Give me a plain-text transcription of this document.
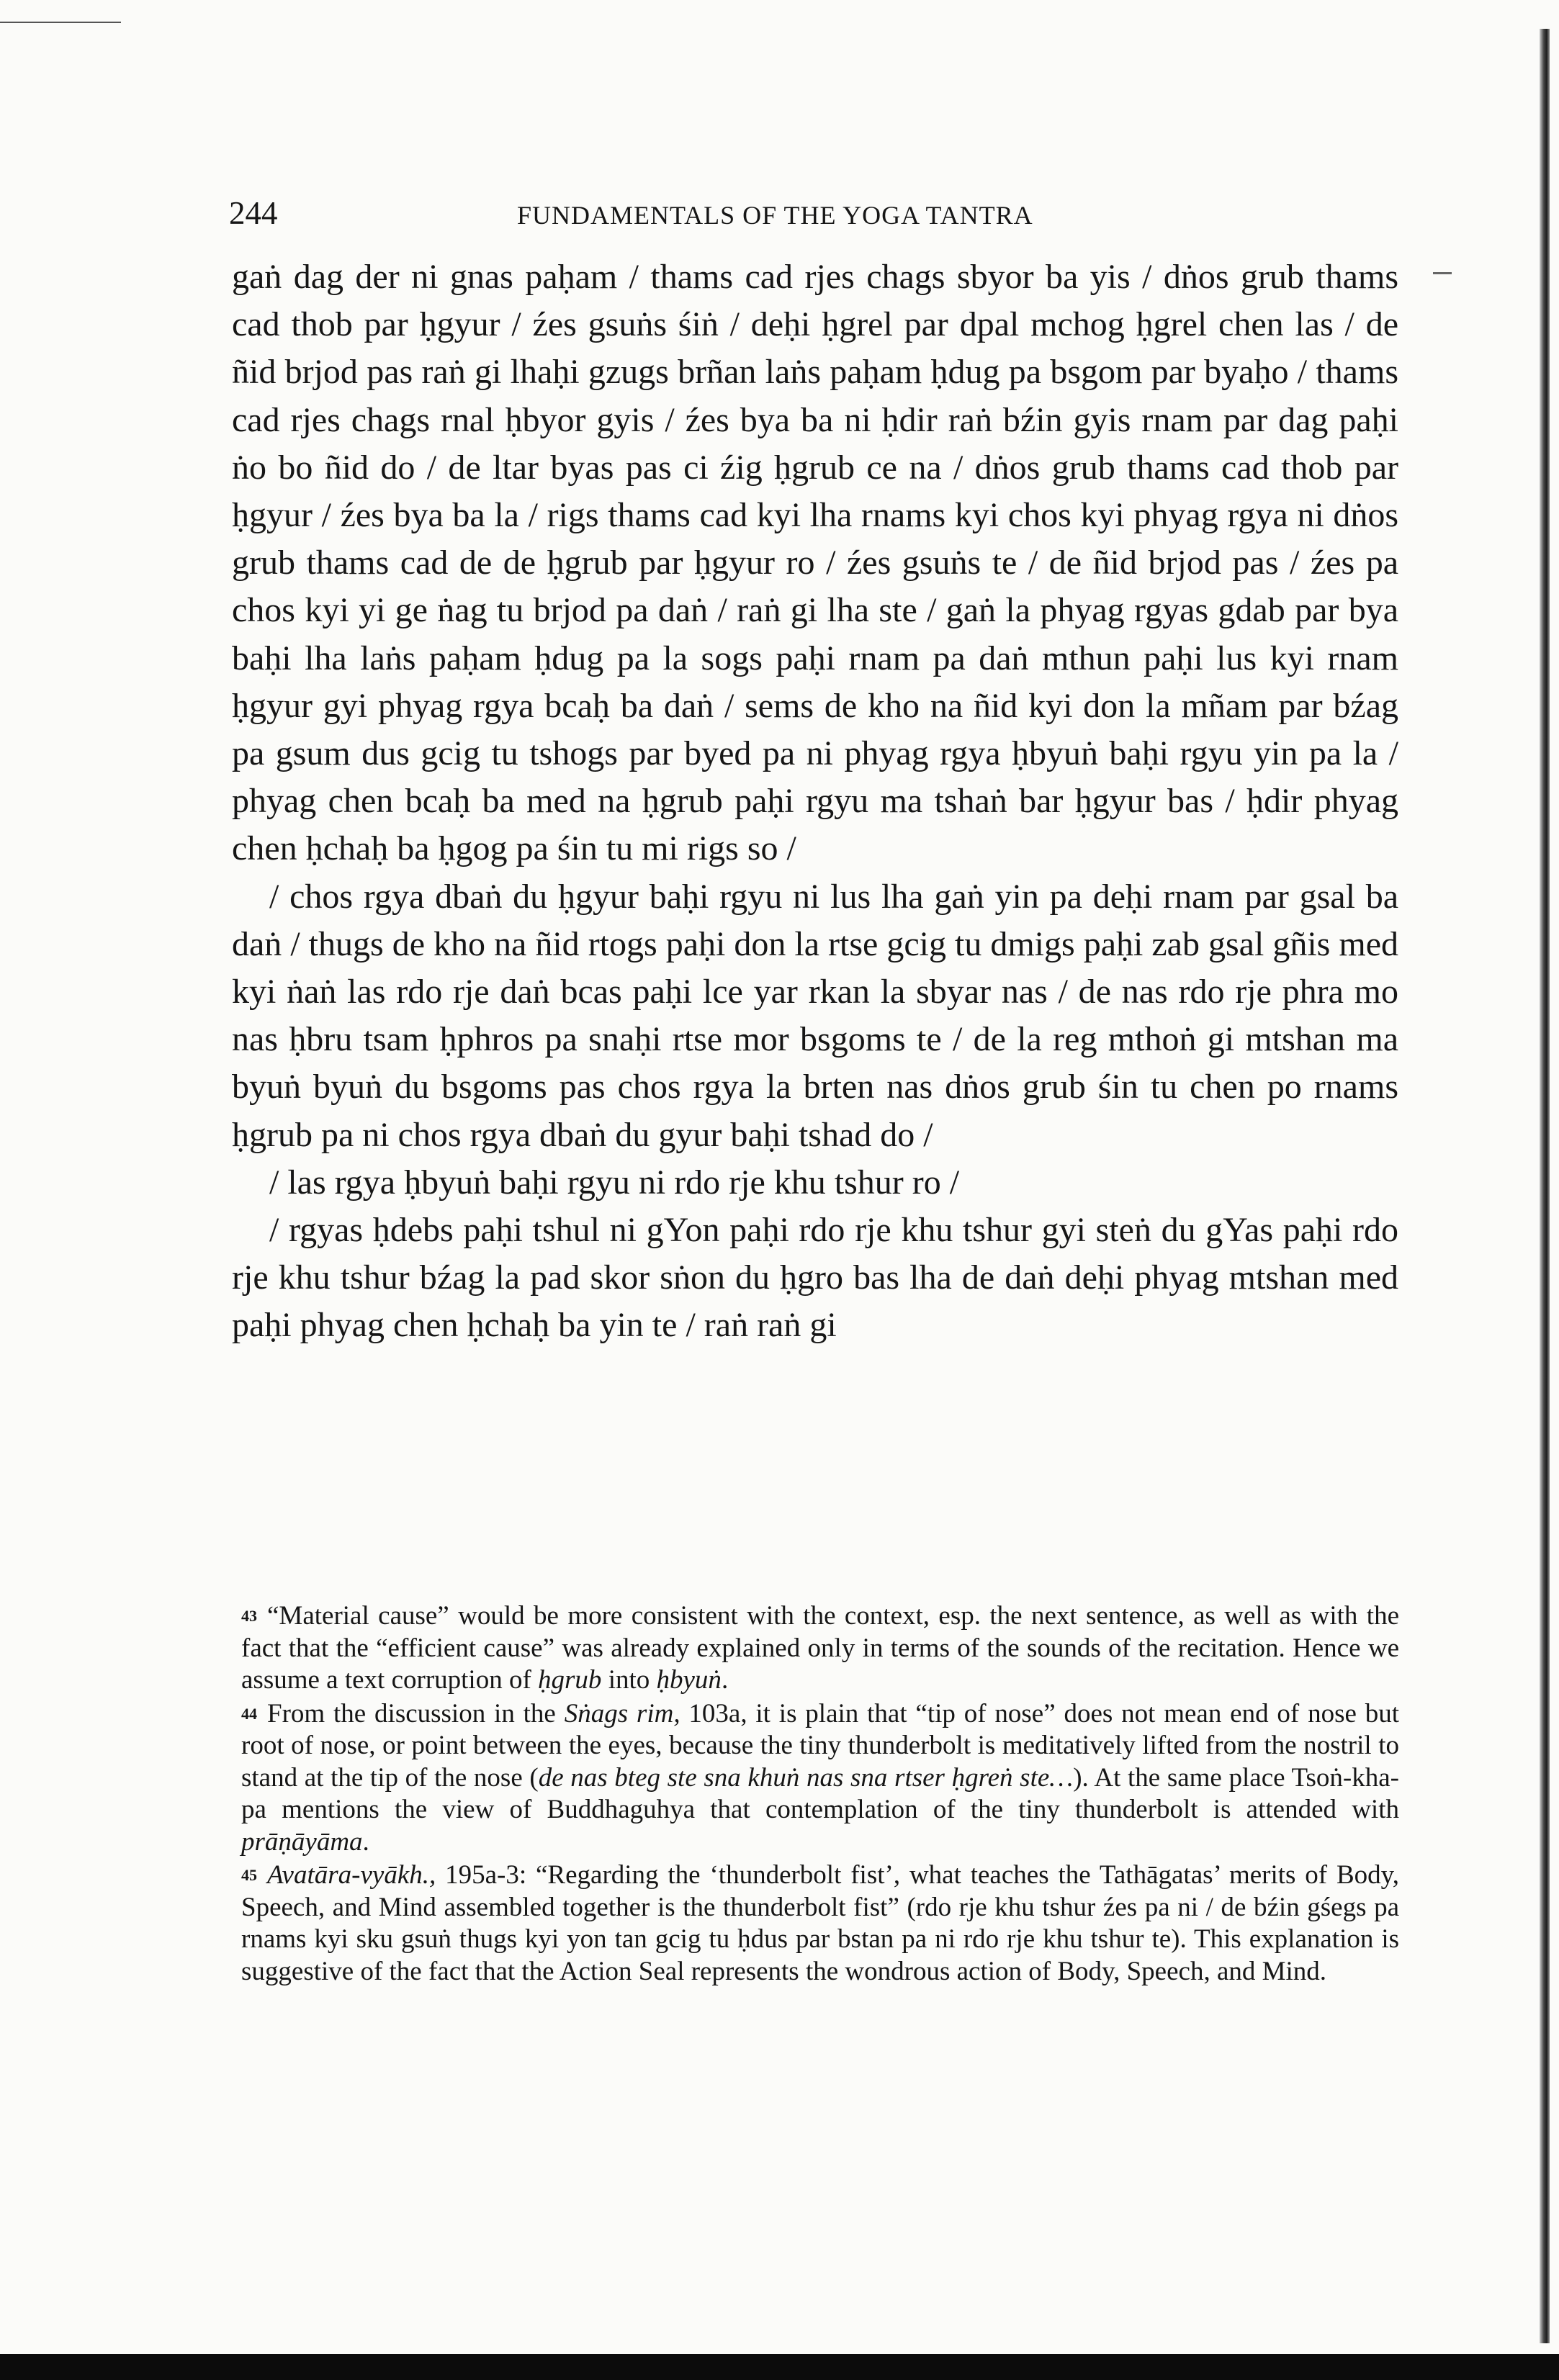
244	FUNDAMENTALS OF THE YOGA TANTRA

gaṅ dag der ni gnas paḥam / thams cad rjes chags sbyor ba yis / dṅos grub thams cad thob par ḥgyur / źes gsuṅs śiṅ / deḥi ḥgrel par dpal mchog ḥgrel chen las / de ñid brjod pas raṅ gi lhaḥi gzugs brñan laṅs paḥam ḥdug pa bsgom par byaḥo / thams cad rjes chags rnal ḥbyor gyis / źes bya ba ni ḥdir raṅ bźin gyis rnam par dag paḥi ṅo bo ñid do / de ltar byas pas ci źig ḥgrub ce na / dṅos grub thams cad thob par ḥgyur / źes bya ba la / rigs thams cad kyi lha rnams kyi chos kyi phyag rgya ni dṅos grub thams cad de de ḥgrub par ḥgyur ro / źes gsuṅs te / de ñid brjod pas / źes pa chos kyi yi ge ṅag tu brjod pa daṅ / raṅ gi lha ste / gaṅ la phyag rgyas gdab par bya baḥi lha laṅs paḥam ḥdug pa la sogs paḥi rnam pa daṅ mthun paḥi lus kyi rnam ḥgyur gyi phyag rgya bcaḥ ba daṅ / sems de kho na ñid kyi don la mñam par bźag pa gsum dus gcig tu tshogs par byed pa ni phyag rgya ḥbyuṅ baḥi rgyu yin pa la / phyag chen bcaḥ ba med na ḥgrub paḥi rgyu ma tshaṅ bar ḥgyur bas / ḥdir phyag chen ḥchaḥ ba ḥgog pa śin tu mi rigs so /

/ chos rgya dbaṅ du ḥgyur baḥi rgyu ni lus lha gaṅ yin pa deḥi rnam par gsal ba daṅ / thugs de kho na ñid rtogs paḥi don la rtse gcig tu dmigs paḥi zab gsal gñis med kyi ṅaṅ las rdo rje daṅ bcas paḥi lce yar rkan la sbyar nas / de nas rdo rje phra mo nas ḥbru tsam ḥphros pa snaḥi rtse mor bsgoms te / de la reg mthoṅ gi mtshan ma byuṅ byuṅ du bsgoms pas chos rgya la brten nas dṅos grub śin tu chen po rnams ḥgrub pa ni chos rgya dbaṅ du gyur baḥi tshad do /

/ las rgya ḥbyuṅ baḥi rgyu ni rdo rje khu tshur ro /

/ rgyas ḥdebs paḥi tshul ni gYon paḥi rdo rje khu tshur gyi steṅ du gYas paḥi rdo rje khu tshur bźag la pad skor sṅon du ḥgro bas lha de daṅ deḥi phyag mtshan med paḥi phyag chen ḥchaḥ ba yin te / raṅ raṅ gi

43 “Material cause” would be more consistent with the context, esp. the next sentence, as well as with the fact that the “efficient cause” was already explained only in terms of the sounds of the recitation. Hence we assume a text corruption of ḥgrub into ḥbyuṅ.

44 From the discussion in the Sṅags rim, 103a, it is plain that “tip of nose” does not mean end of nose but root of nose, or point between the eyes, because the tiny thunderbolt is meditatively lifted from the nostril to stand at the tip of the nose (de nas bteg ste sna khuṅ nas sna rtser ḥgreṅ ste…). At the same place Tsoṅ-kha-pa mentions the view of Buddhaguhya that contemplation of the tiny thunderbolt is attended with prāṇāyāma.

45 Avatāra-vyākh., 195a-3: “Regarding the ‘thunderbolt fist’, what teaches the Tathāgatas’ merits of Body, Speech, and Mind assembled together is the thunderbolt fist” (rdo rje khu tshur źes pa ni / de bźin gśegs pa rnams kyi sku gsuṅ thugs kyi yon tan gcig tu ḥdus par bstan pa ni rdo rje khu tshur te). This explanation is suggestive of the fact that the Action Seal represents the wondrous action of Body, Speech, and Mind.
